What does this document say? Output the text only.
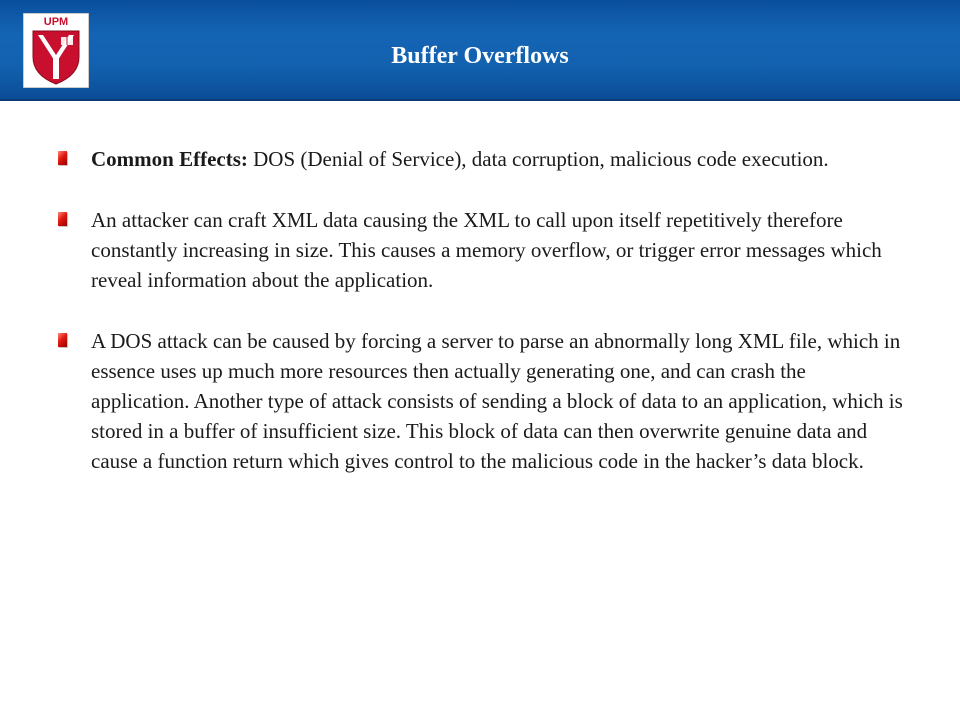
UPM
Buffer Overflows
Common Effects: DOS (Denial of Service), data corruption, malicious code execution.
An attacker can craft XML data causing the XML to call upon itself repetitively therefore constantly increasing in size. This causes a memory overflow, or trigger error messages which reveal information about the application.
A DOS attack can be caused by forcing a server to parse an abnormally long XML file, which in essence uses up much more resources then actually generating one, and can crash the application. Another type of attack consists of sending a block of data to an application, which is stored in a buffer of insufficient size. This block of data can then overwrite genuine data and cause a function return which gives control to the malicious code in the hacker’s data block.
